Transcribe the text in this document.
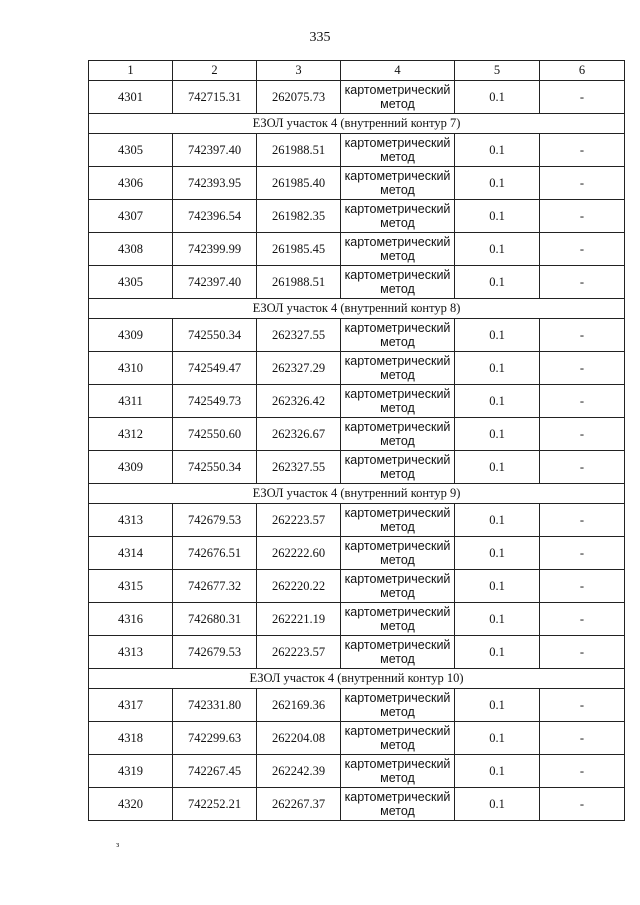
335
1	2	3	4	5	6
4301	742715.31	262075.73	картометрический метод	0.1	-
ЕЗОЛ участок 4 (внутренний контур 7)					
4305	742397.40	261988.51	картометрический метод	0.1	-
4306	742393.95	261985.40	картометрический метод	0.1	-
4307	742396.54	261982.35	картометрический метод	0.1	-
4308	742399.99	261985.45	картометрический метод	0.1	-
4305	742397.40	261988.51	картометрический метод	0.1	-
ЕЗОЛ участок 4 (внутренний контур 8)					
4309	742550.34	262327.55	картометрический метод	0.1	-
4310	742549.47	262327.29	картометрический метод	0.1	-
4311	742549.73	262326.42	картометрический метод	0.1	-
4312	742550.60	262326.67	картометрический метод	0.1	-
4309	742550.34	262327.55	картометрический метод	0.1	-
ЕЗОЛ участок 4 (внутренний контур 9)					
4313	742679.53	262223.57	картометрический метод	0.1	-
4314	742676.51	262222.60	картометрический метод	0.1	-
4315	742677.32	262220.22	картометрический метод	0.1	-
4316	742680.31	262221.19	картометрический метод	0.1	-
4313	742679.53	262223.57	картометрический метод	0.1	-
ЕЗОЛ участок 4 (внутренний контур 10)					
4317	742331.80	262169.36	картометрический метод	0.1	-
4318	742299.63	262204.08	картометрический метод	0.1	-
4319	742267.45	262242.39	картометрический метод	0.1	-
4320	742252.21	262267.37	картометрический метод	0.1	-
з
